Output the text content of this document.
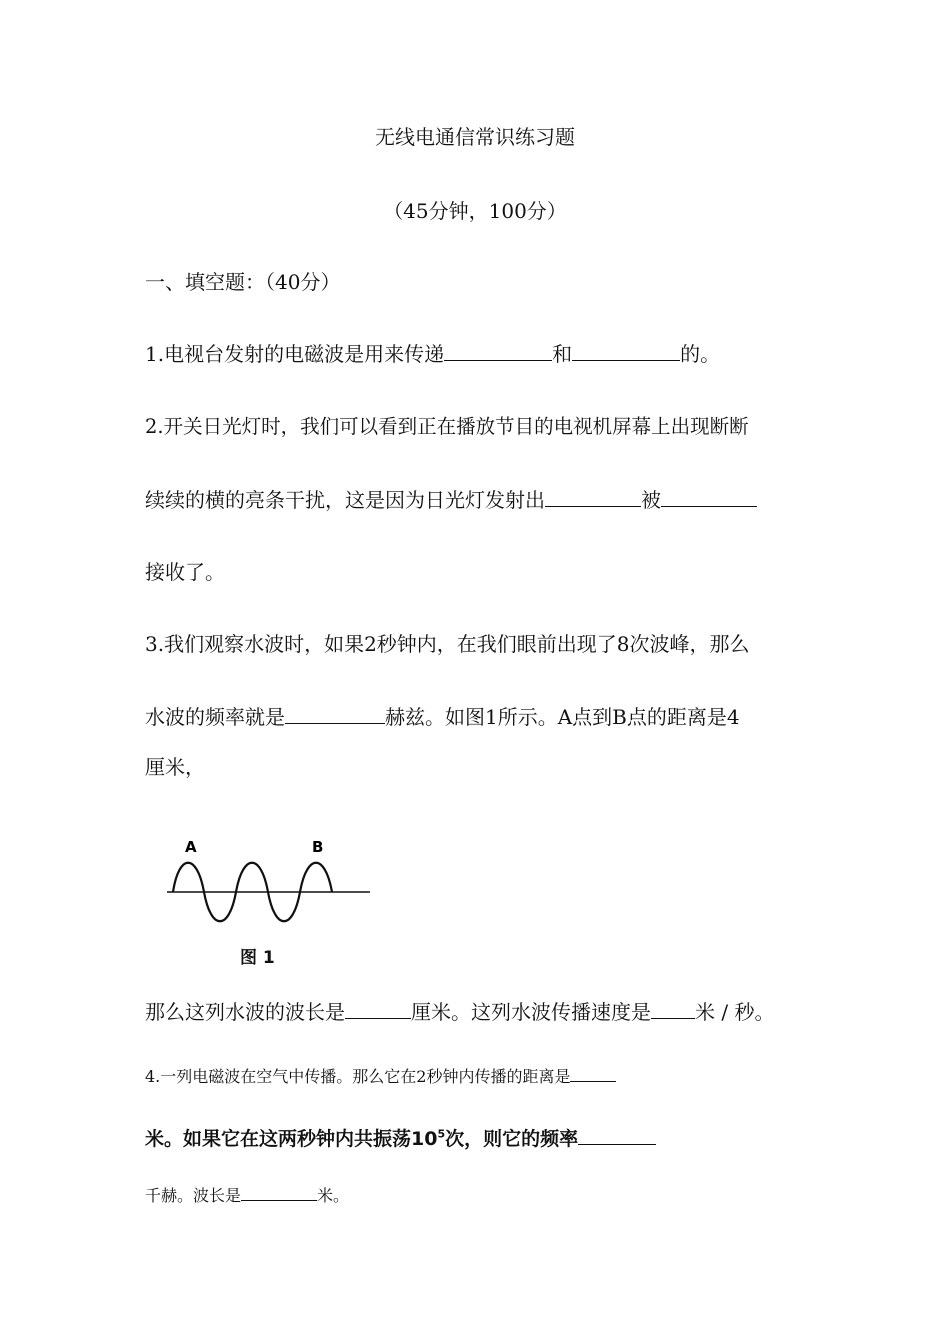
无线电通信常识练习题
（45分钟，100分）
一、填空题：（40分）
1.电视台发射的电磁波是用来传递	和	的。
2.开关日光灯时，我们可以看到正在播放节目的电视机屏幕上出现断断
续续的横的亮条干扰，这是因为日光灯发射出	被
接收了。
3.我们观察水波时，如果2秒钟内，在我们眼前出现了8次波峰，那么
水波的频率就是	赫兹。如图1所示。A点到B点的距离是4
厘米，
A	B
图 1
那么这列水波的波长是	厘米。这列水波传播速度是 米 / 秒。
4.一列电磁波在空气中传播。那么它在2秒钟内传播的距离是
米。如果它在这两秒钟内共振荡$10^5$次，则它的频率
千赫。波长是	米。
